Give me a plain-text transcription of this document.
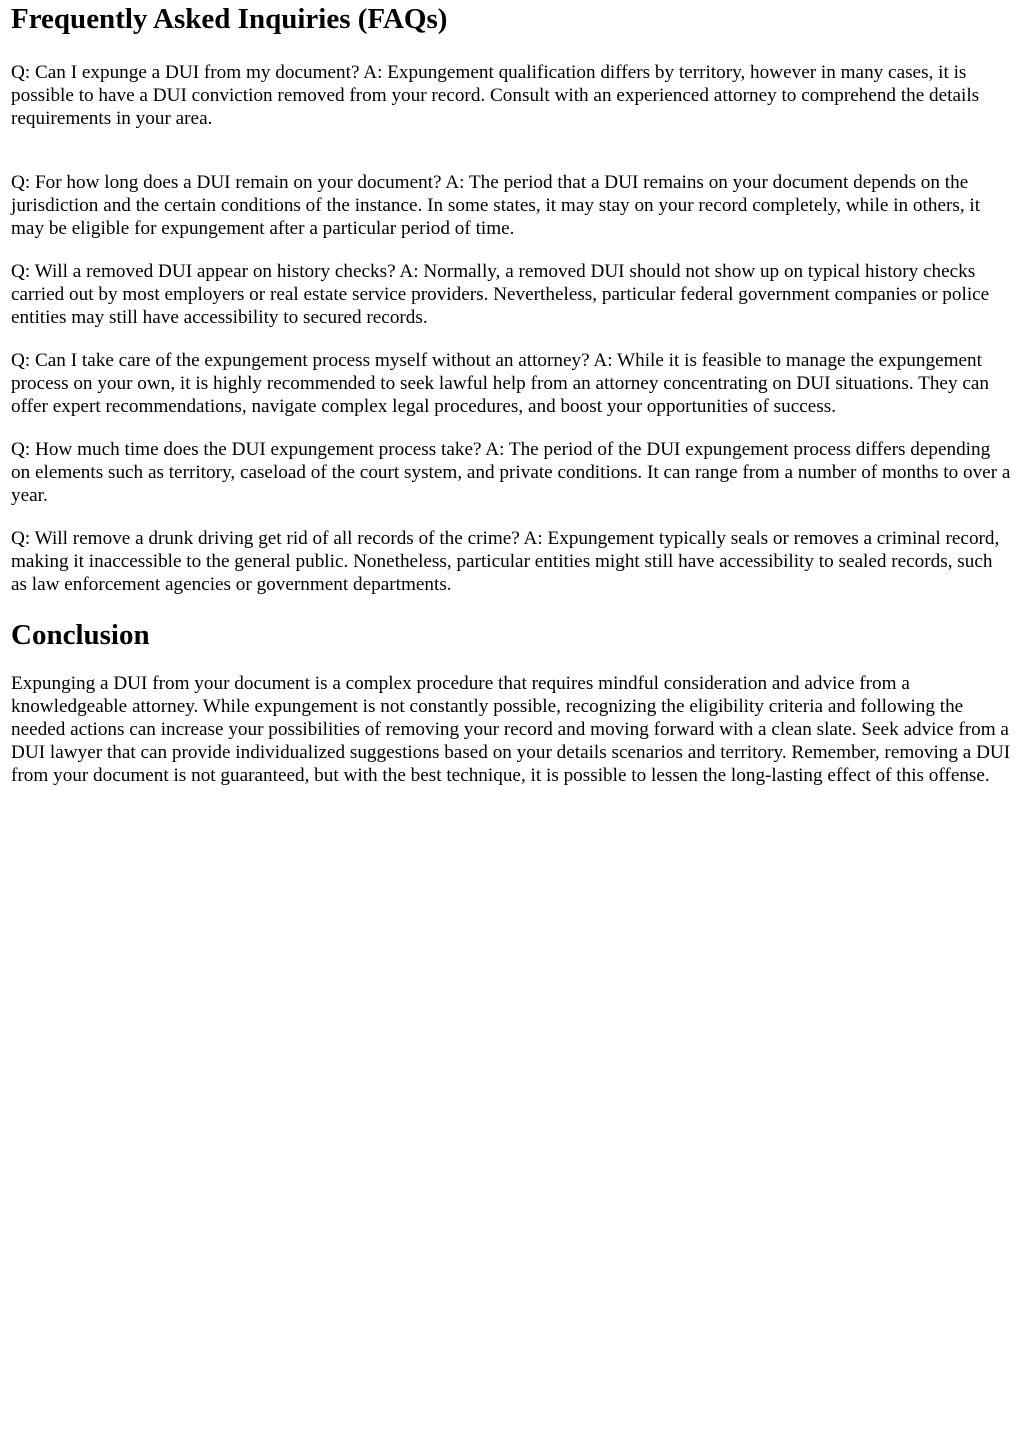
Frequently Asked Inquiries (FAQs)

Q: Can I expunge a DUI from my document? A: Expungement qualification differs by territory, however in many cases, it is possible to have a DUI conviction removed from your record. Consult with an experienced attorney to comprehend the details requirements in your area.

Q: For how long does a DUI remain on your document? A: The period that a DUI remains on your document depends on the jurisdiction and the certain conditions of the instance. In some states, it may stay on your record completely, while in others, it may be eligible for expungement after a particular period of time.

Q: Will a removed DUI appear on history checks? A: Normally, a removed DUI should not show up on typical history checks carried out by most employers or real estate service providers. Nevertheless, particular federal government companies or police entities may still have accessibility to secured records.

Q: Can I take care of the expungement process myself without an attorney? A: While it is feasible to manage the expungement process on your own, it is highly recommended to seek lawful help from an attorney concentrating on DUI situations. They can offer expert recommendations, navigate complex legal procedures, and boost your opportunities of success.

Q: How much time does the DUI expungement process take? A: The period of the DUI expungement process differs depending on elements such as territory, caseload of the court system, and private conditions. It can range from a number of months to over a year.

Q: Will remove a drunk driving get rid of all records of the crime? A: Expungement typically seals or removes a criminal record, making it inaccessible to the general public. Nonetheless, particular entities might still have accessibility to sealed records, such as law enforcement agencies or government departments.

Conclusion

Expunging a DUI from your document is a complex procedure that requires mindful consideration and advice from a knowledgeable attorney. While expungement is not constantly possible, recognizing the eligibility criteria and following the needed actions can increase your possibilities of removing your record and moving forward with a clean slate. Seek advice from a DUI lawyer that can provide individualized suggestions based on your details scenarios and territory. Remember, removing a DUI from your document is not guaranteed, but with the best technique, it is possible to lessen the long-lasting effect of this offense.
